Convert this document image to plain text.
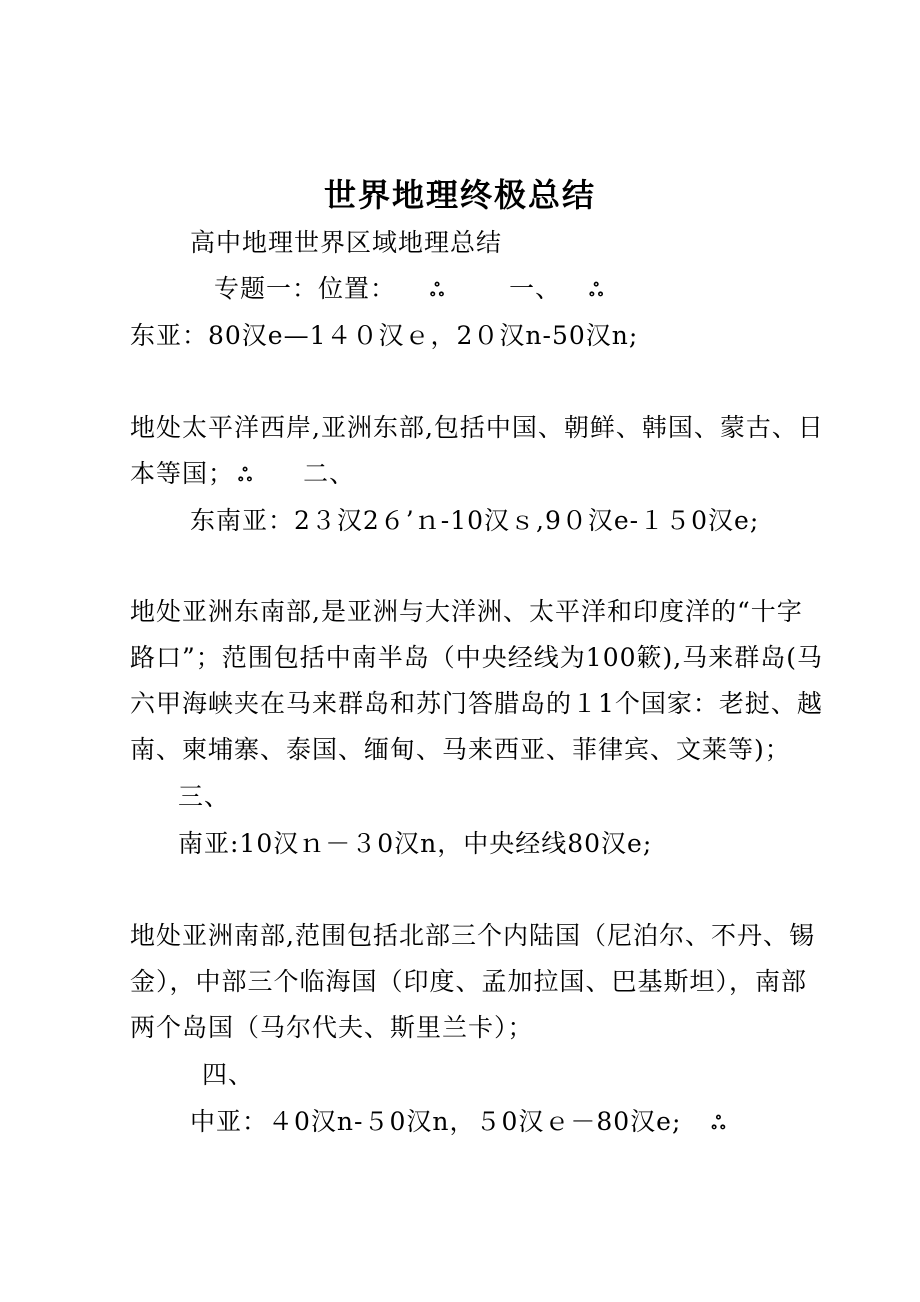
世界地理终极总结
高中地理世界区域地理总结
专题一：位置： ஃ	一、 ஃ
东亚：80汉e—1４０汉ｅ，2０汉n-50汉n;
地处太平洋西岸,亚洲东部,包括中国、朝鲜、韩国、蒙古、日
本等国； ஃ 二、
东南亚：2３汉2６’ｎ-10汉ｓ,9０汉e-１５0汉e;
地处亚洲东南部,是亚洲与大洋洲、太平洋和印度洋的“十字
路口”；范围包括中南半岛（中央经线为100簌),马来群岛(马
六甲海峡夹在马来群岛和苏门答腊岛的１1个国家：老挝、越
南、柬埔寨、泰国、缅甸、马来西亚、菲律宾、文莱等)；
三、
南亚:10汉ｎ－３0汉n，中央经线80汉e;
地处亚洲南部,范围包括北部三个内陆国（尼泊尔、不丹、锡
金），中部三个临海国（印度、孟加拉国、巴基斯坦），南部
两个岛国（马尔代夫、斯里兰卡）；
四、
中亚：４0汉n-５0汉n，５0汉ｅ－80汉e; ஃ
